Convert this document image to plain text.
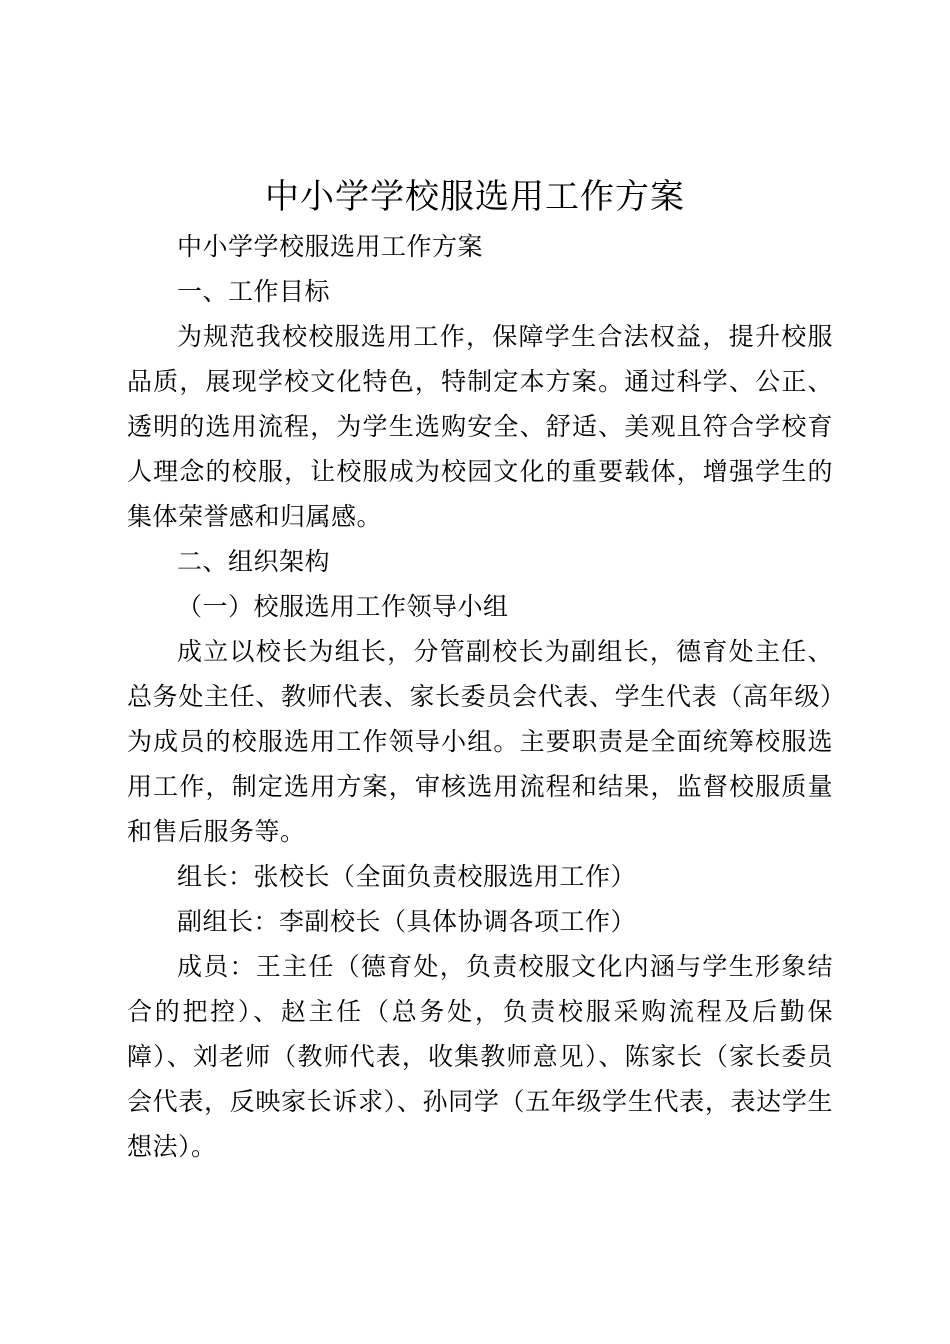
中小学学校服选用工作方案

中小学学校服选用工作方案

一、工作目标

为规范我校校服选用工作，保障学生合法权益，提升校服品质，展现学校文化特色，特制定本方案。通过科学、公正、透明的选用流程，为学生选购安全、舒适、美观且符合学校育人理念的校服，让校服成为校园文化的重要载体，增强学生的集体荣誉感和归属感。

二、组织架构

（一）校服选用工作领导小组

成立以校长为组长，分管副校长为副组长，德育处主任、总务处主任、教师代表、家长委员会代表、学生代表（高年级）为成员的校服选用工作领导小组。主要职责是全面统筹校服选用工作，制定选用方案，审核选用流程和结果，监督校服质量和售后服务等。

组长：张校长（全面负责校服选用工作）

副组长：李副校长（具体协调各项工作）

成员：王主任（德育处，负责校服文化内涵与学生形象结合的把控）、赵主任（总务处，负责校服采购流程及后勤保障）、刘老师（教师代表，收集教师意见）、陈家长（家长委员会代表，反映家长诉求）、孙同学（五年级学生代表，表达学生想法）。
